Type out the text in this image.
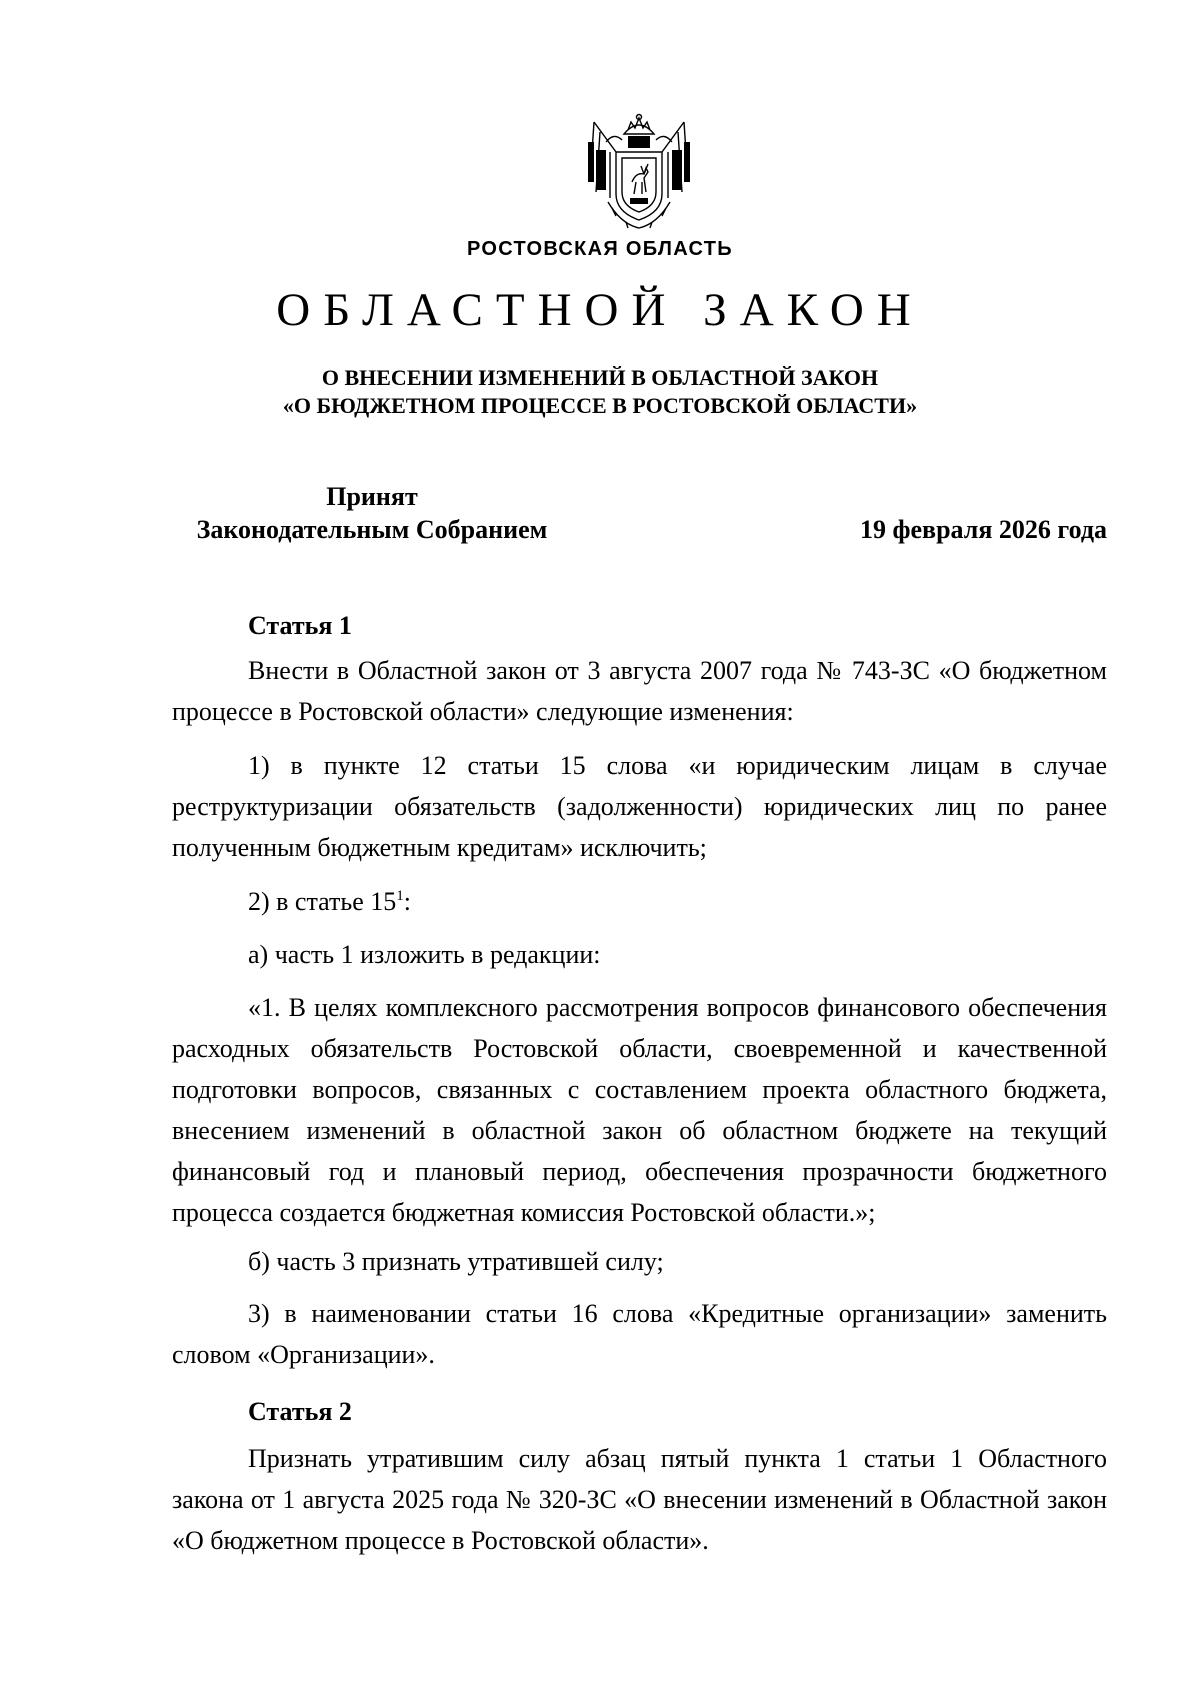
РОСТОВСКАЯ ОБЛАСТЬ
ОБЛАСТНОЙ ЗАКОН
О ВНЕСЕНИИ ИЗМЕНЕНИЙ В ОБЛАСТНОЙ ЗАКОН
«О БЮДЖЕТНОМ ПРОЦЕССЕ В РОСТОВСКОЙ ОБЛАСТИ»
Принят
Законодательным Собранием	19 февраля 2026 года
Статья 1
Внести в Областной закон от 3 августа 2007 года № 743-ЗС «О бюджетном процессе в Ростовской области» следующие изменения:
1) в пункте 12 статьи 15 слова «и юридическим лицам в случае реструктуризации обязательств (задолженности) юридических лиц по ранее полученным бюджетным кредитам» исключить;
2) в статье $15^1$:
а) часть 1 изложить в редакции:
«1. В целях комплексного рассмотрения вопросов финансового обеспечения расходных обязательств Ростовской области, своевременной и качественной подготовки вопросов, связанных с составлением проекта областного бюджета, внесением изменений в областной закон об областном бюджете на текущий финансовый год и плановый период, обеспечения прозрачности бюджетного процесса создается бюджетная комиссия Ростовской области.»;
б) часть 3 признать утратившей силу;
3) в наименовании статьи 16 слова «Кредитные организации» заменить словом «Организации».
Статья 2
Признать утратившим силу абзац пятый пункта 1 статьи 1 Областного закона от 1 августа 2025 года № 320-ЗС «О внесении изменений в Областной закон «О бюджетном процессе в Ростовской области».
